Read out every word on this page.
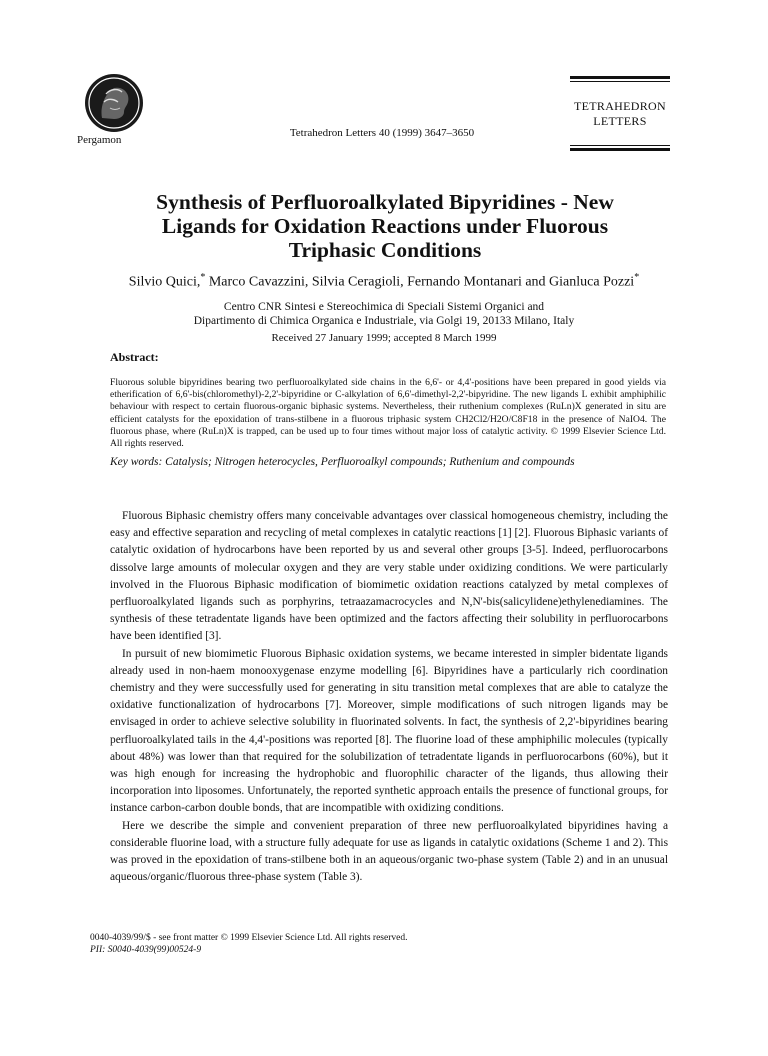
Pergamon
Tetrahedron Letters 40 (1999) 3647–3650
TETRAHEDRON
LETTERS
Synthesis of Perfluoroalkylated Bipyridines - New
Ligands for Oxidation Reactions under Fluorous
Triphasic Conditions
Silvio Quici,* Marco Cavazzini, Silvia Ceragioli, Fernando Montanari and Gianluca Pozzi*
Centro CNR Sintesi e Stereochimica di Speciali Sistemi Organici and
Dipartimento di Chimica Organica e Industriale, via Golgi 19, 20133 Milano, Italy
Received 27 January 1999; accepted 8 March 1999
Abstract:
Fluorous soluble bipyridines bearing two perfluoroalkylated side chains in the 6,6'- or 4,4'-positions have been prepared in good yields via etherification of 6,6'-bis(chloromethyl)-2,2'-bipyridine or C-alkylation of 6,6'-dimethyl-2,2'-bipyridine. The new ligands L exhibit amphiphilic behaviour with respect to certain fluorous-organic biphasic systems. Nevertheless, their ruthenium complexes (RuLn)X generated in situ are efficient catalysts for the epoxidation of trans-stilbene in a fluorous triphasic system CH2Cl2/H2O/C8F18 in the presence of NaIO4. The fluorous phase, where (RuLn)X is trapped, can be used up to four times without major loss of catalytic activity. © 1999 Elsevier Science Ltd. All rights reserved.
Key words: Catalysis; Nitrogen heterocycles, Perfluoroalkyl compounds; Ruthenium and compounds

Fluorous Biphasic chemistry offers many conceivable advantages over classical homogeneous chemistry, including the easy and effective separation and recycling of metal complexes in catalytic reactions [1] [2]. Fluorous Biphasic variants of catalytic oxidation of hydrocarbons have been reported by us and several other groups [3-5]. Indeed, perfluorocarbons dissolve large amounts of molecular oxygen and they are very stable under oxidizing conditions. We were particularly involved in the Fluorous Biphasic modification of biomimetic oxidation reactions catalyzed by metal complexes of perfluoroalkylated ligands such as porphyrins, tetraazamacrocycles and N,N'-bis(salicylidene)ethylenediamines. The synthesis of these tetradentate ligands have been optimized and the factors affecting their solubility in perfluorocarbons have been identified [3].

In pursuit of new biomimetic Fluorous Biphasic oxidation systems, we became interested in simpler bidentate ligands already used in non-haem monooxygenase enzyme modelling [6]. Bipyridines have a particularly rich coordination chemistry and they were successfully used for generating in situ transition metal complexes that are able to catalyze the oxidative functionalization of hydrocarbons [7]. Moreover, simple modifications of such nitrogen ligands may be envisaged in order to achieve selective solubility in fluorinated solvents. In fact, the synthesis of 2,2'-bipyridines bearing perfluoroalkylated tails in the 4,4'-positions was reported [8]. The fluorine load of these amphiphilic molecules (typically about 48%) was lower than that required for the solubilization of tetradentate ligands in perfluorocarbons (60%), but it was high enough for increasing the hydrophobic and fluorophilic character of the ligands, thus allowing their incorporation into liposomes. Unfortunately, the reported synthetic approach entails the presence of functional groups, for instance carbon-carbon double bonds, that are incompatible with oxidizing conditions.

Here we describe the simple and convenient preparation of three new perfluoroalkylated bipyridines having a considerable fluorine load, with a structure fully adequate for use as ligands in catalytic oxidations (Scheme 1 and 2). This was proved in the epoxidation of trans-stilbene both in an aqueous/organic two-phase system (Table 2) and in an unusual aqueous/organic/fluorous three-phase system (Table 3).

0040-4039/99/$ - see front matter © 1999 Elsevier Science Ltd. All rights reserved.
PII: S0040-4039(99)00524-9
